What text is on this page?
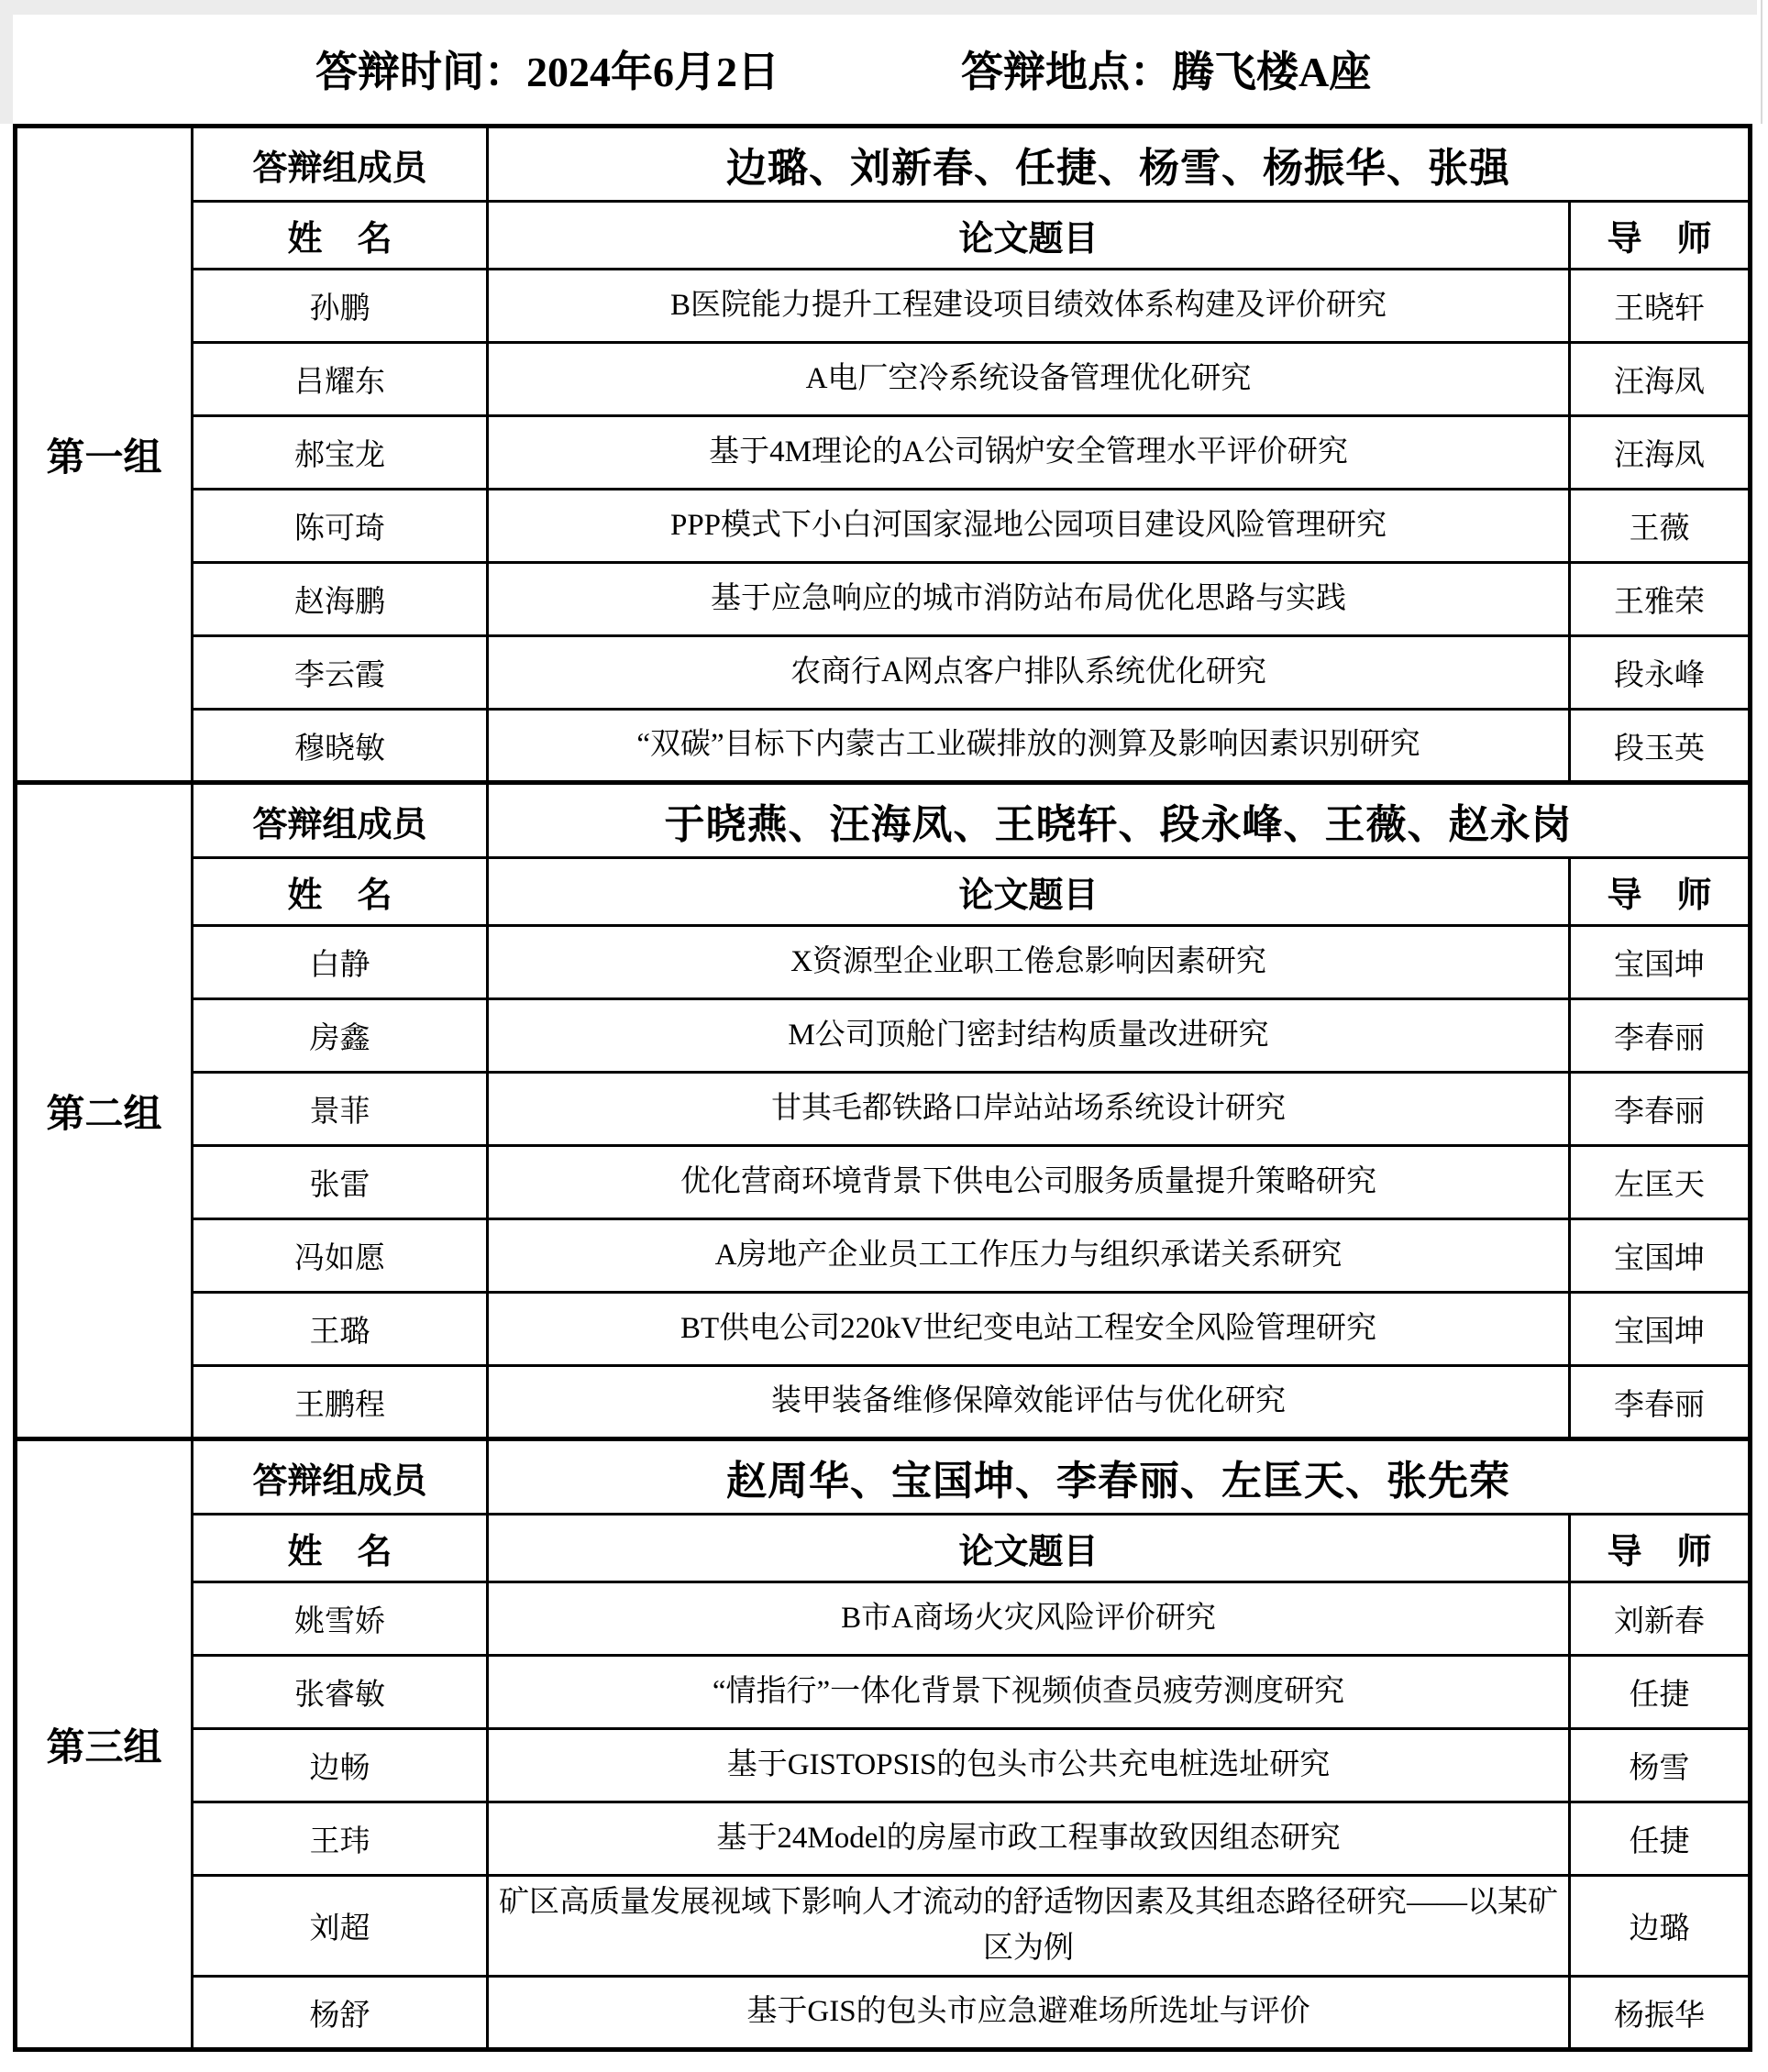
答辩时间：2024年6月2日	答辩地点：腾飞楼A座
第一组	答辩组成员	边璐、刘新春、任捷、杨雪、杨振华、张强	
	姓　名	论文题目	导　师
	孙鹏	B医院能力提升工程建设项目绩效体系构建及评价研究	王晓轩
	吕耀东	A电厂空冷系统设备管理优化研究	汪海凤
	郝宝龙	基于4M理论的A公司锅炉安全管理水平评价研究	汪海凤
	陈可琦	PPP模式下小白河国家湿地公园项目建设风险管理研究	王薇
	赵海鹏	基于应急响应的城市消防站布局优化思路与实践	王雅荣
	李云霞	农商行A网点客户排队系统优化研究	段永峰
	穆晓敏	“双碳”目标下内蒙古工业碳排放的测算及影响因素识别研究	段玉英
第二组	答辩组成员	于晓燕、汪海凤、王晓轩、段永峰、王薇、赵永岗	
	姓　名	论文题目	导　师
	白静	X资源型企业职工倦怠影响因素研究	宝国坤
	房鑫	M公司顶舱门密封结构质量改进研究	李春丽
	景菲	甘其毛都铁路口岸站站场系统设计研究	李春丽
	张雷	优化营商环境背景下供电公司服务质量提升策略研究	左匡天
	冯如愿	A房地产企业员工工作压力与组织承诺关系研究	宝国坤
	王璐	BT供电公司220kV世纪变电站工程安全风险管理研究	宝国坤
	王鹏程	装甲装备维修保障效能评估与优化研究	李春丽
第三组	答辩组成员	赵周华、宝国坤、李春丽、左匡天、张先荣	
	姓　名	论文题目	导　师
	姚雪娇	B市A商场火灾风险评价研究	刘新春
	张睿敏	“情指行”一体化背景下视频侦查员疲劳测度研究	任捷
	边畅	基于GISTOPSIS的包头市公共充电桩选址研究	杨雪
	王玮	基于24Model的房屋市政工程事故致因组态研究	任捷
	刘超	矿区高质量发展视域下影响人才流动的舒适物因素及其组态路径研究——以某矿区为例	边璐
	杨舒	基于GIS的包头市应急避难场所选址与评价	杨振华
